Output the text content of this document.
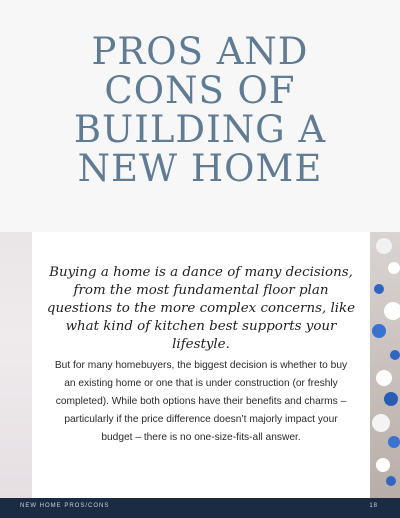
PROS AND
CONS OF
BUILDING A
NEW HOME

Buying a home is a dance of many decisions, from the most fundamental floor plan questions to the more complex concerns, like what kind of kitchen best supports your lifestyle.

But for many homebuyers, the biggest decision is whether to buy an existing home or one that is under construction (or freshly completed). While both options have their benefits and charms – particularly if the price difference doesn’t majorly impact your budget – there is no one-size-fits-all answer.

NEW HOME PROS/CONS	18
